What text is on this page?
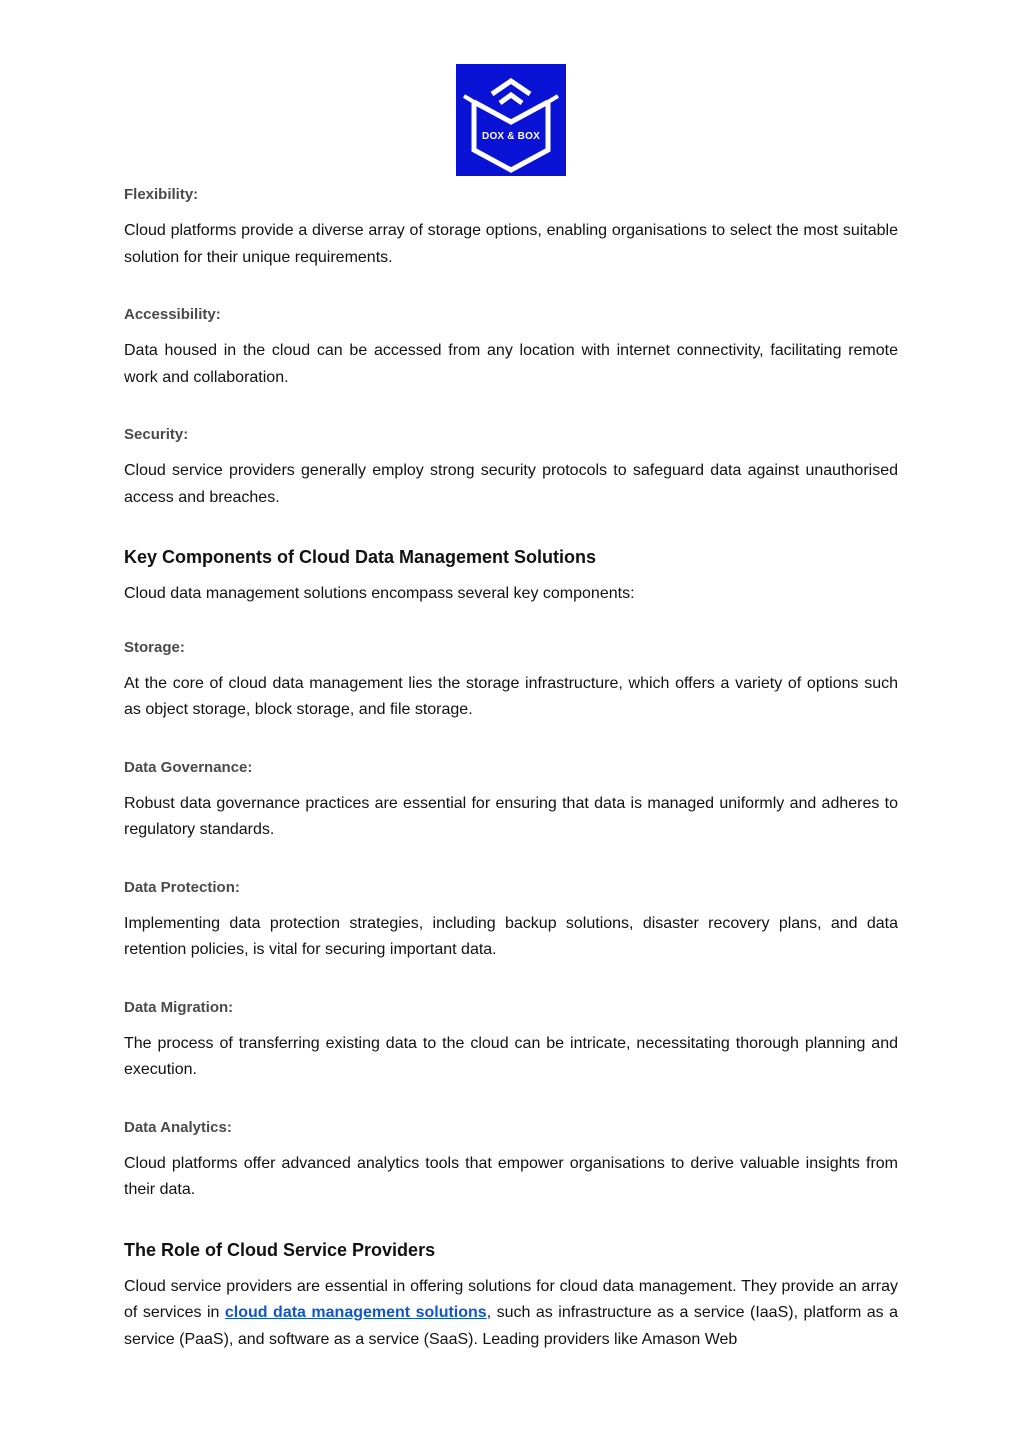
DOX & BOX

Flexibility:

Cloud platforms provide a diverse array of storage options, enabling organisations to select the most suitable solution for their unique requirements.

Accessibility:

Data housed in the cloud can be accessed from any location with internet connectivity, facilitating remote work and collaboration.

Security:

Cloud service providers generally employ strong security protocols to safeguard data against unauthorised access and breaches.

Key Components of Cloud Data Management Solutions

Cloud data management solutions encompass several key components:

Storage:

At the core of cloud data management lies the storage infrastructure, which offers a variety of options such as object storage, block storage, and file storage.

Data Governance:

Robust data governance practices are essential for ensuring that data is managed uniformly and adheres to regulatory standards.

Data Protection:

Implementing data protection strategies, including backup solutions, disaster recovery plans, and data retention policies, is vital for securing important data.

Data Migration:

The process of transferring existing data to the cloud can be intricate, necessitating thorough planning and execution.

Data Analytics:

Cloud platforms offer advanced analytics tools that empower organisations to derive valuable insights from their data.

The Role of Cloud Service Providers

Cloud service providers are essential in offering solutions for cloud data management. They provide an array of services in cloud data management solutions, such as infrastructure as a service (IaaS), platform as a service (PaaS), and software as a service (SaaS). Leading providers like Amason Web
